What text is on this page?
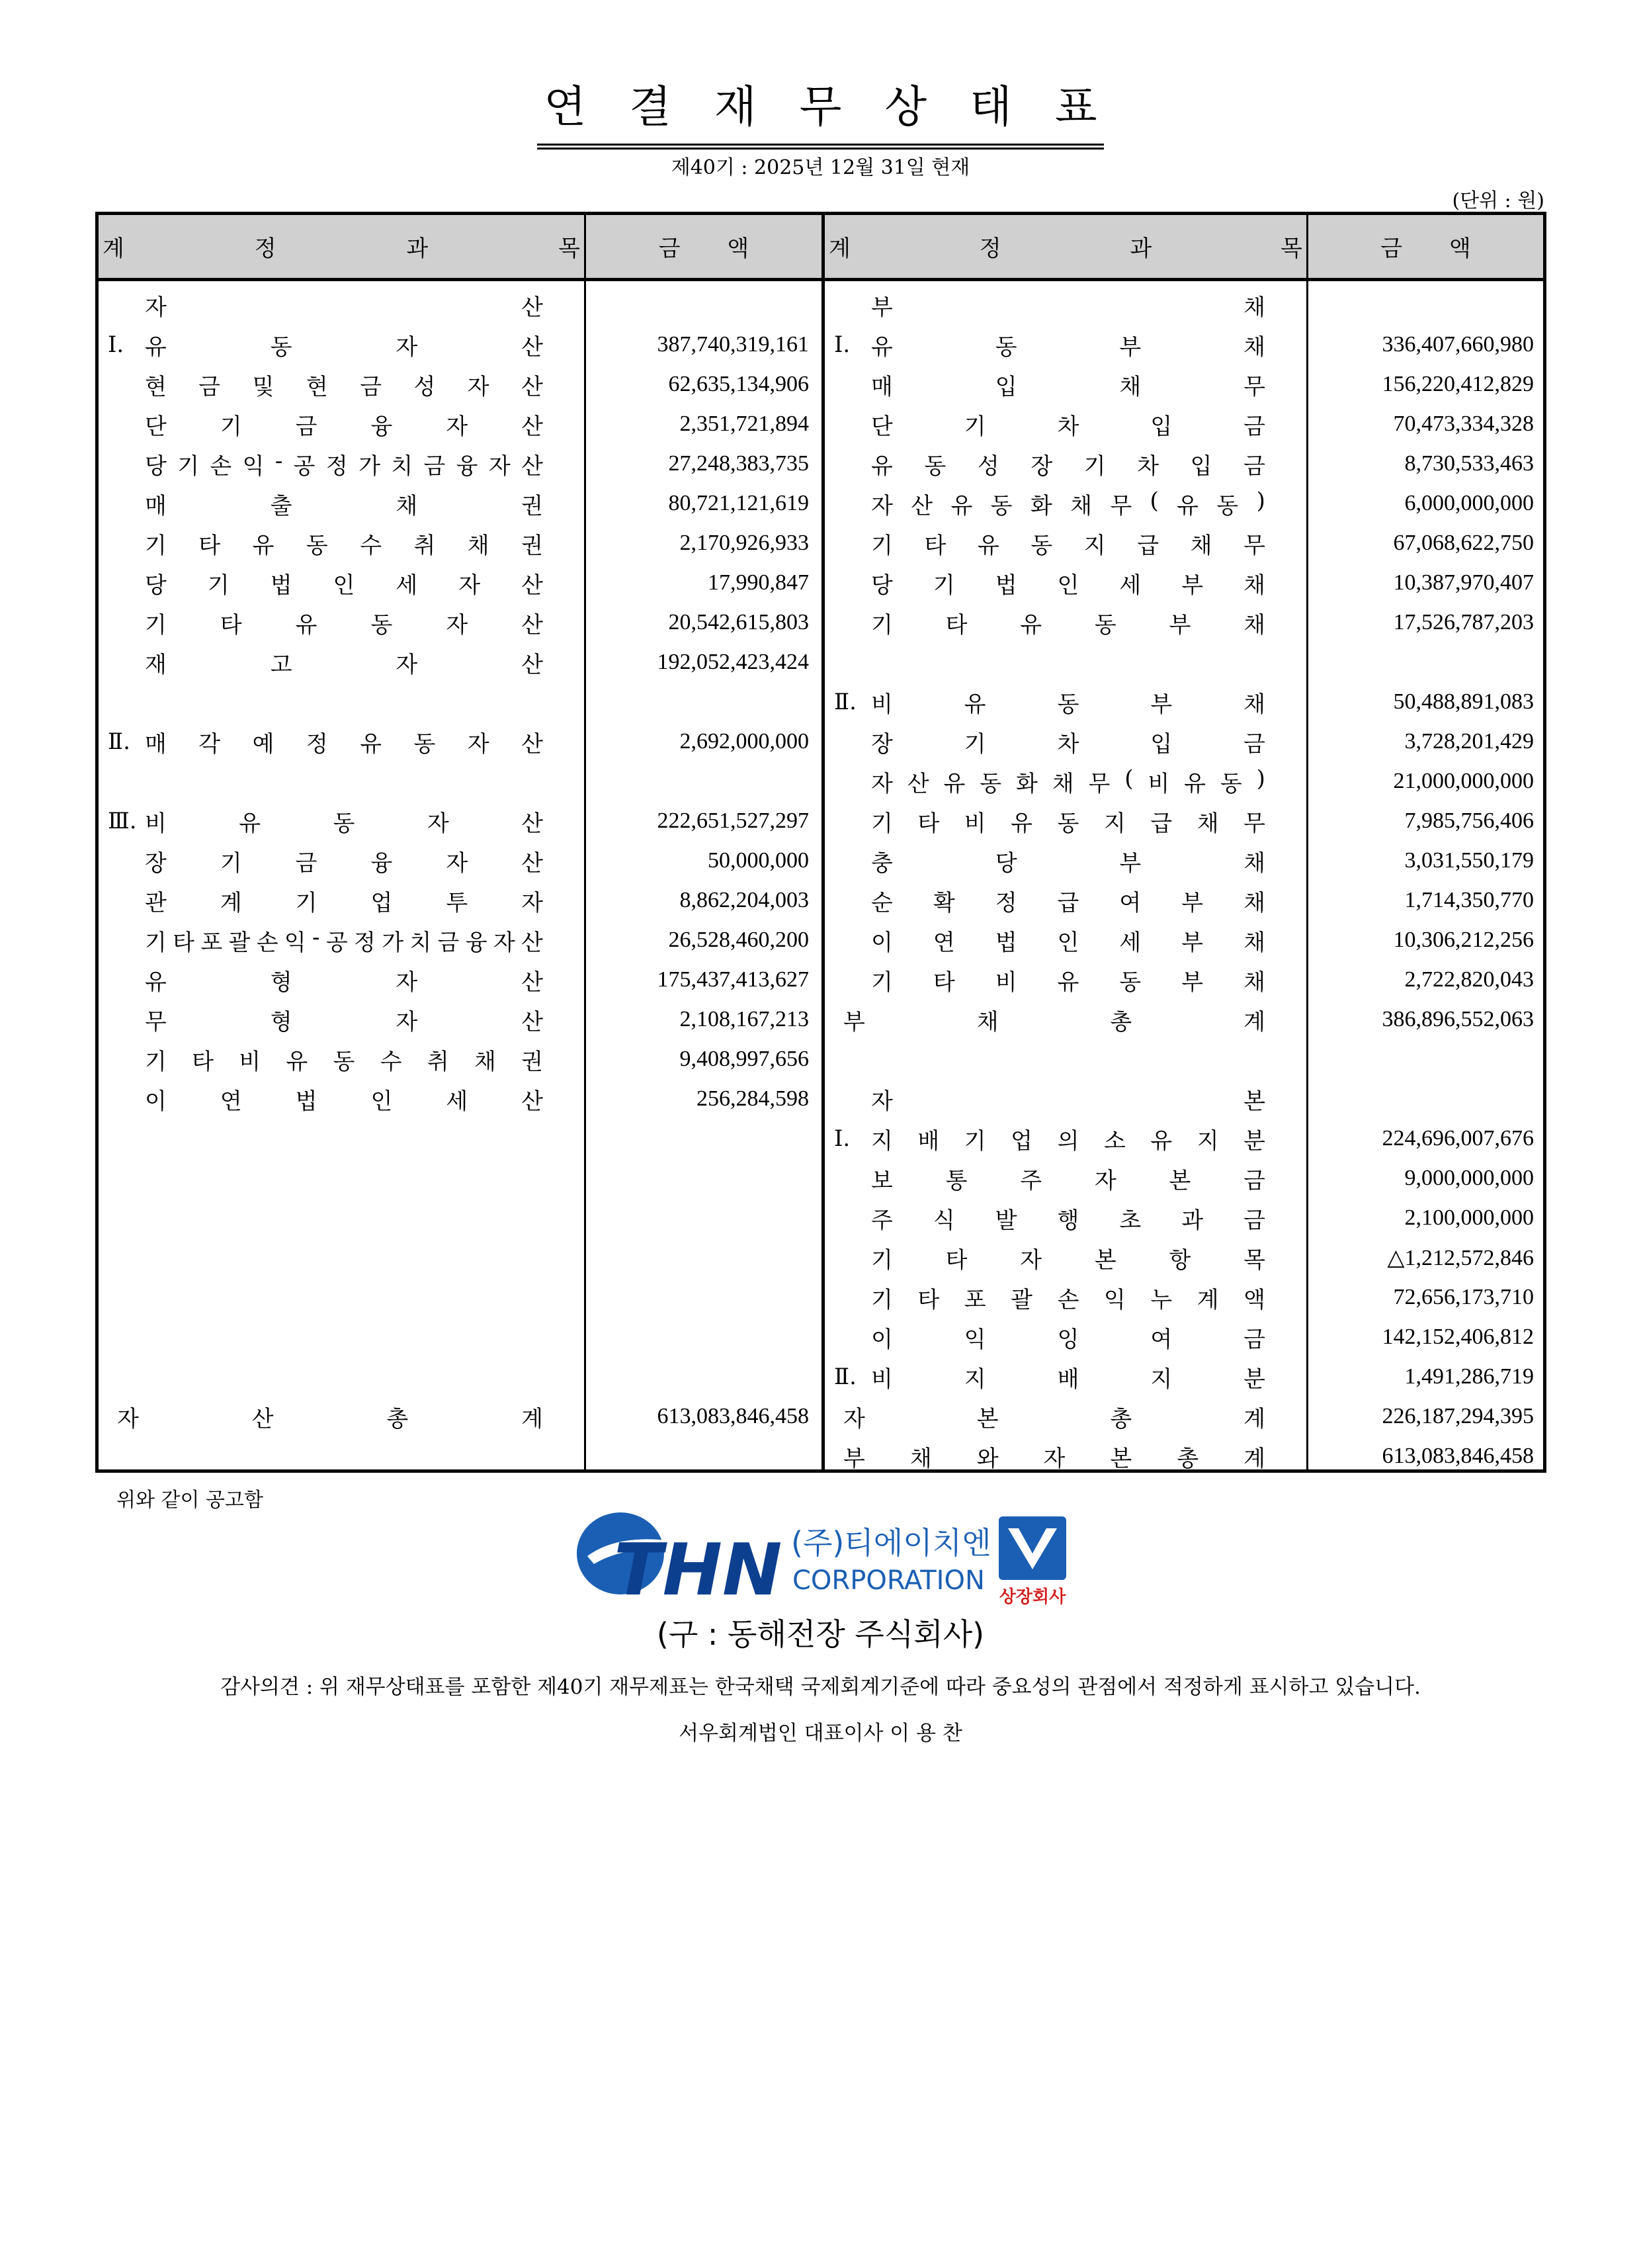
연 결 재 무 상 태 표
제40기 : 2025년 12월 31일 현재
(단위 : 원)
계	정	과	목	금 액
자	산
Ⅰ. 유	동	자	산	387,740,319,161
현 금 및 현 금 성 자 산	62,635,134,906
단 기 금 융 자 산	2,351,721,894
당 기 손 익 - 공 정 가 치 금 융 자 산	27,248,383,735
매	출	채	권	80,721,121,619
기 타 유 동 수 취 채 권	2,170,926,933
당 기 법 인 세 자 산	17,990,847
기 타 유 동 자 산	20,542,615,803
재	고	자	산	192,052,423,424
Ⅱ. 매 각 예 정 유 동 자 산	2,692,000,000
Ⅲ. 비	유	동	자	산	222,651,527,297
장 기 금 융 자 산	50,000,000
관 계 기 업 투 자	8,862,204,003
기 타 포 괄 손 익 - 공 정 가 치 금 융 자 산	26,528,460,200
유	형	자	산	175,437,413,627
무	형	자	산	2,108,167,213
기 타 비 유 동 수 취 채 권	9,408,997,656
이 연 법 인 세 산	256,284,598
자	산	총	계	613,083,846,458
계	정	과	목	금 액
부	채
Ⅰ. 유	동	부	채	336,407,660,980
매	입	채	무	156,220,412,829
단	기	차	입	금	70,473,334,328
유 동 성 장 기 차 입 금	8,730,533,463
자 산 유 동 화 채 무 ( 유 동 )	6,000,000,000
기 타 유 동 지 급 채 무	67,068,622,750
당 기 법 인 세 부 채	10,387,970,407
기 타 유 동 부 채	17,526,787,203
Ⅱ. 비	유	동	부	채	50,488,891,083
장	기	차	입	금	3,728,201,429
자 산 유 동 화 채 무 ( 비 유 동 )	21,000,000,000
기 타 비 유 동 지 급 채 무	7,985,756,406
충	당	부	채	3,031,550,179
순 확 정 급 여 부 채	1,714,350,770
이 연 법 인 세 부 채	10,306,212,256
기 타 비 유 동 부 채	2,722,820,043
부	채	총	계	386,896,552,063
자	본
Ⅰ. 지 배 기 업 의 소 유 지 분	224,696,007,676
보 통 주 자 본 금	9,000,000,000
주 식 발 행 초 과 금	2,100,000,000
기 타 자 본 항 목	△1,212,572,846
기 타 포 괄 손 익 누 계 액	72,656,173,710
이	익	잉	여	금	142,152,406,812
Ⅱ. 비	지	배	지	분	1,491,286,719
자	본	총	계	226,187,294,395
부 채 와 자 본 총 계	613,083,846,458
위와 같이 공고함
THN (주)티에이치엔
CORPORATION
상장회사
(구 : 동해전장 주식회사)
감사의견 : 위 재무상태표를 포함한 제40기 재무제표는 한국채택 국제회계기준에 따라 중요성의 관점에서 적정하게 표시하고 있습니다.
서우회계법인 대표이사 이 용 찬
